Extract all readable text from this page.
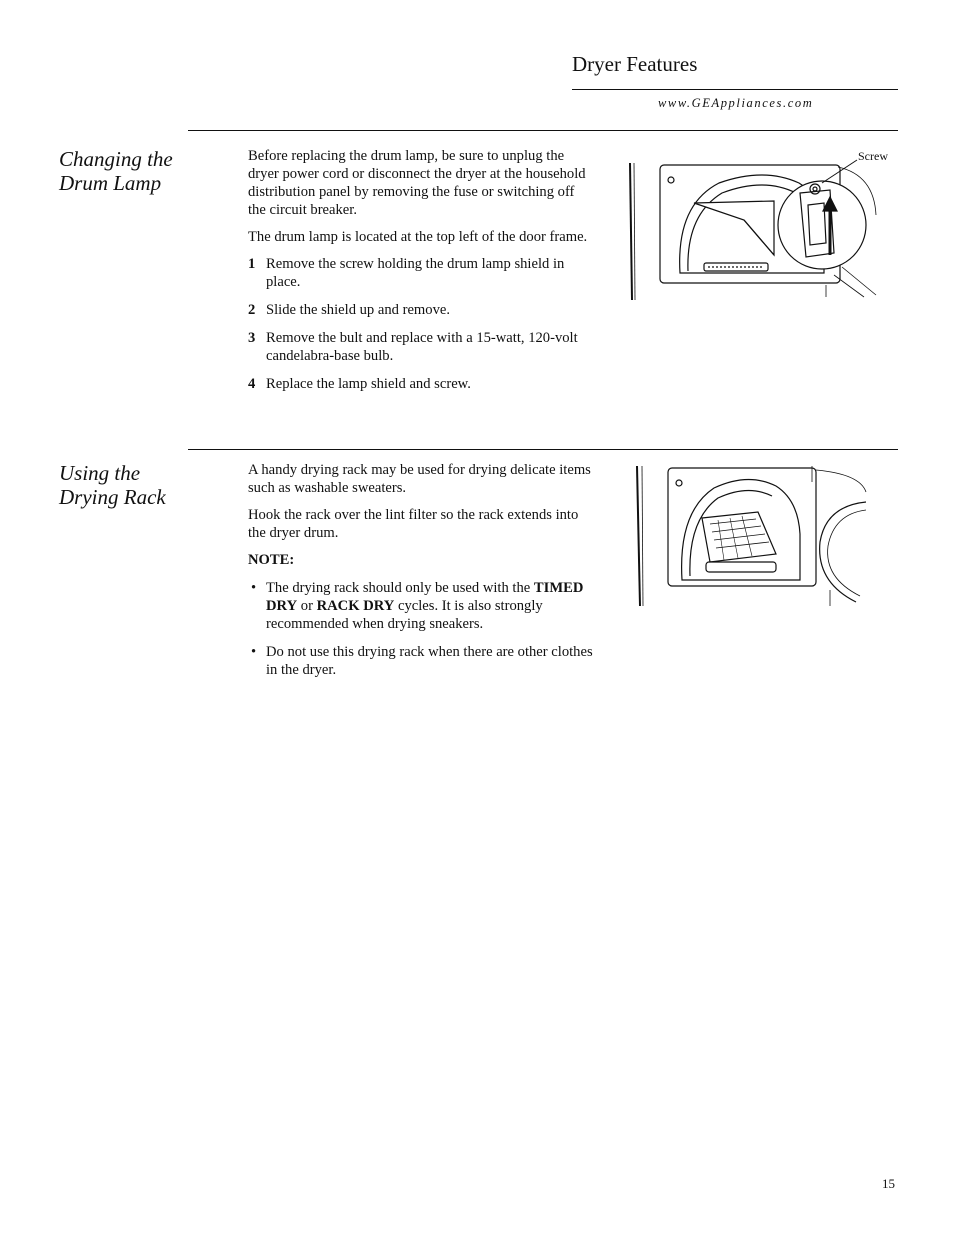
Dryer Features
www.GEAppliances.com
Changing the
Drum Lamp

Before replacing the drum lamp, be sure to unplug the dryer power cord or disconnect the dryer at the household distribution panel by removing the fuse or switching off the circuit breaker.

The drum lamp is located at the top left of the door frame.

1 Remove the screw holding the drum lamp shield in place.
2 Slide the shield up and remove.
3 Remove the bult and replace with a 15-watt, 120-volt candelabra-base bulb.
4 Replace the lamp shield and screw.
Screw
Using the
Drying Rack

A handy drying rack may be used for drying delicate items such as washable sweaters.

Hook the rack over the lint filter so the rack extends into the dryer drum.

NOTE:
• The drying rack should only be used with the TIMED DRY or RACK DRY cycles. It is also strongly recommended when drying sneakers.
• Do not use this drying rack when there are other clothes in the dryer.
15
